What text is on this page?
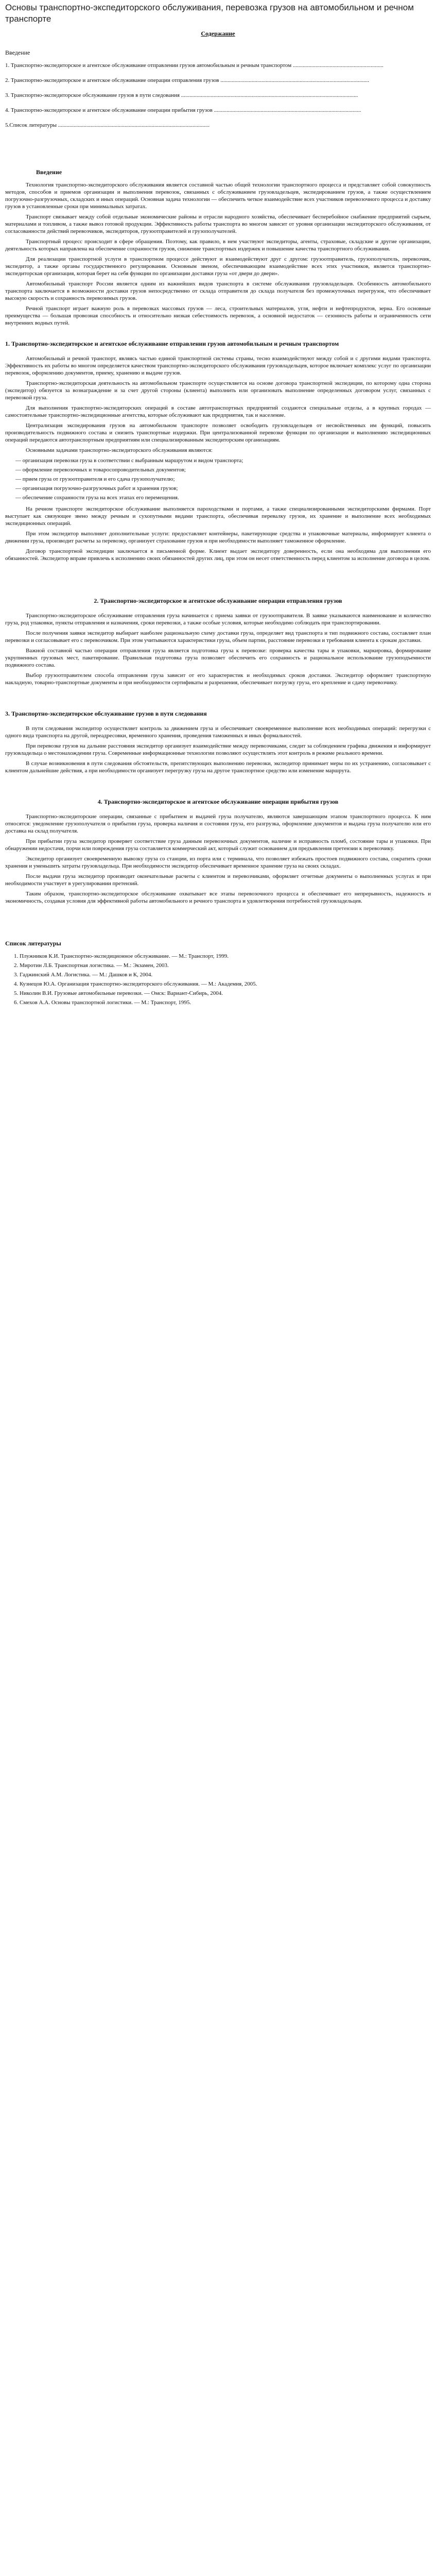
Основы транспортно-экспедиторского обслуживания, перевозка грузов на автомобильном и речном транспорте
Содержание
Введение
1. Транспортно-экспедиторское и агентское обслуживание отправлении грузов автомобильным и речным транспортом ................................................................
2. Транспортно-экспедиторское и агентское обслуживание операции отправления грузов .........................................................................................................
3. Транспортно-экспедиторское обслуживание грузов в пути следования .............................................................................................................................
4. Транспортно-экспедиторское и агентское обслуживание операции прибытия грузов ........................................................................................................
5.Список литературы ...........................................................................................................
Введение

Технология транспортно-экспедиторского обслуживания является составной частью общей технологии транспортного процесса и представляет собой совокупность методов, способов и приемов организации и выполнения перевозок, связанных с обслуживанием грузовладельцев, экспедированием грузов, а также осуществлением погрузочно-разгрузочных, складских и иных операций. Основная задача технологии — обеспечить четкое взаимодействие всех участников перевозочного процесса и доставку грузов в установленные сроки при минимальных затратах.

Транспорт связывает между собой отдельные экономические районы и отрасли народного хозяйства, обеспечивает бесперебойное снабжение предприятий сырьем, материалами и топливом, а также вывоз готовой продукции. Эффективность работы транспорта во многом зависит от уровня организации экспедиторского обслуживания, от согласованности действий перевозчиков, экспедиторов, грузоотправителей и грузополучателей.

Транспортный процесс происходит в сфере обращения. Поэтому, как правило, в нем участвуют экспедиторы, агенты, страховые, складские и другие организации, деятельность которых направлена на обеспечение сохранности грузов, снижение транспортных издержек и повышение качества транспортного обслуживания.

Для реализации транспортной услуги в транспортном процессе действуют и взаимодействуют друг с другом: грузоотправитель, грузополучатель, перевозчик, экспедитор, а также органы государственного регулирования. Основным звеном, обеспечивающим взаимодействие всех этих участников, является транспортно-экспедиторская организация, которая берет на себя функции по организации доставки груза «от двери до двери».

Автомобильный транспорт России является одним из важнейших видов транспорта в системе обслуживания грузовладельцев. Особенность автомобильного транспорта заключается в возможности доставки грузов непосредственно от склада отправителя до склада получателя без промежуточных перегрузок, что обеспечивает высокую скорость и сохранность перевозимых грузов.

Речной транспорт играет важную роль в перевозках массовых грузов — леса, строительных материалов, угля, нефти и нефтепродуктов, зерна. Его основные преимущества — большая провозная способность и относительно низкая себестоимость перевозок, а основной недостаток — сезонность работы и ограниченность сети внутренних водных путей.

1. Транспортно-экспедиторское и агентское обслуживание отправлении грузов автомобильным и речным транспортом

Автомобильный и речной транспорт, являясь частью единой транспортной системы страны, тесно взаимодействуют между собой и с другими видами транспорта. Эффективность их работы во многом определяется качеством транспортно-экспедиторского обслуживания грузовладельцев, которое включает комплекс услуг по организации перевозок, оформлению документов, приему, хранению и выдаче грузов.

Транспортно-экспедиторская деятельность на автомобильном транспорте осуществляется на основе договора транспортной экспедиции, по которому одна сторона (экспедитор) обязуется за вознаграждение и за счет другой стороны (клиента) выполнить или организовать выполнение определенных договором услуг, связанных с перевозкой груза.

Для выполнения транспортно-экспедиторских операций в составе автотранспортных предприятий создаются специальные отделы, а в крупных городах — самостоятельные транспортно-экспедиционные агентства, которые обслуживают как предприятия, так и население.

Централизация экспедирования грузов на автомобильном транспорте позволяет освободить грузовладельцев от несвойственных им функций, повысить производительность подвижного состава и снизить транспортные издержки. При централизованной перевозке функции по организации и выполнению экспедиционных операций передаются автотранспортным предприятиям или специализированным экспедиторским организациям.

Основными задачами транспортно-экспедиторского обслуживания являются:

— организация перевозки груза в соответствии с выбранным маршрутом и видом транспорта;
— оформление перевозочных и товаросопроводительных документов;
— прием груза от грузоотправителя и его сдача грузополучателю;
— организация погрузочно-разгрузочных работ и хранения грузов;
— обеспечение сохранности груза на всех этапах его перемещения.

На речном транспорте экспедиторское обслуживание выполняется пароходствами и портами, а также специализированными экспедиторскими фирмами. Порт выступает как связующее звено между речным и сухопутными видами транспорта, обеспечивая перевалку грузов, их хранение и выполнение всех необходимых экспедиционных операций.

При этом экспедитор выполняет дополнительные услуги: предоставляет контейнеры, пакетирующие средства и упаковочные материалы, информирует клиента о движении груза, производит расчеты за перевозку, организует страхование грузов и при необходимости выполняет таможенное оформление.

Договор транспортной экспедиции заключается в письменной форме. Клиент выдает экспедитору доверенность, если она необходима для выполнения его обязанностей. Экспедитор вправе привлечь к исполнению своих обязанностей других лиц, при этом он несет ответственность перед клиентом за исполнение договора в целом.

2. Транспортно-экспедиторское и агентское обслуживание операции отправления грузов

Транспортно-экспедиторское обслуживание отправления груза начинается с приема заявки от грузоотправителя. В заявке указываются наименование и количество груза, род упаковки, пункты отправления и назначения, сроки перевозки, а также особые условия, которые необходимо соблюдать при транспортировании.

После получения заявки экспедитор выбирает наиболее рациональную схему доставки груза, определяет вид транспорта и тип подвижного состава, составляет план перевозки и согласовывает его с перевозчиком. При этом учитываются характеристики груза, объем партии, расстояние перевозки и требования клиента к срокам доставки.

Важной составной частью операции отправления груза является подготовка груза к перевозке: проверка качества тары и упаковки, маркировка, формирование укрупненных грузовых мест, пакетирование. Правильная подготовка груза позволяет обеспечить его сохранность и рациональное использование грузоподъемности подвижного состава.

Выбор грузоотправителем способа отправления груза зависит от его характеристик и необходимых сроков доставки. Экспедитор оформляет транспортную накладную, товарно-транспортные документы и при необходимости сертификаты и разрешения, обеспечивает погрузку груза, его крепление и сдачу перевозчику.

3. Транспортно-экспедиторское обслуживание грузов в пути следования

В пути следования экспедитор осуществляет контроль за движением груза и обеспечивает своевременное выполнение всех необходимых операций: перегрузки с одного вида транспорта на другой, переадресовки, временного хранения, проведения таможенных и иных формальностей.

При перевозке грузов на дальние расстояния экспедитор организует взаимодействие между перевозчиками, следит за соблюдением графика движения и информирует грузовладельца о местонахождении груза. Современные информационные технологии позволяют осуществлять этот контроль в режиме реального времени.

В случае возникновения в пути следования обстоятельств, препятствующих выполнению перевозки, экспедитор принимает меры по их устранению, согласовывает с клиентом дальнейшие действия, а при необходимости организует перегрузку груза на другое транспортное средство или изменение маршрута.

4. Транспортно-экспедиторское и агентское обслуживание операции прибытия грузов

Транспортно-экспедиторские операции, связанные с прибытием и выдачей груза получателю, являются завершающим этапом транспортного процесса. К ним относятся: уведомление грузополучателя о прибытии груза, проверка наличия и состояния груза, его разгрузка, оформление документов и выдача груза получателю или его доставка на склад получателя.

При прибытии груза экспедитор проверяет соответствие груза данным перевозочных документов, наличие и исправность пломб, состояние тары и упаковки. При обнаружении недостачи, порчи или повреждения груза составляется коммерческий акт, который служит основанием для предъявления претензии к перевозчику.

Экспедитор организует своевременную вывозку груза со станции, из порта или с терминала, что позволяет избежать простоев подвижного состава, сократить сроки хранения и уменьшить затраты грузовладельца. При необходимости экспедитор обеспечивает временное хранение груза на своих складах.

После выдачи груза экспедитор производит окончательные расчеты с клиентом и перевозчиками, оформляет отчетные документы о выполненных услугах и при необходимости участвует в урегулировании претензий.

Таким образом, транспортно-экспедиторское обслуживание охватывает все этапы перевозочного процесса и обеспечивает его непрерывность, надежность и экономичность, создавая условия для эффективной работы автомобильного и речного транспорта и удовлетворения потребностей грузовладельцев.

Список литературы
1. Плужников К.И. Транспортно-экспедиционное обслуживание. — М.: Транспорт, 1999.
2. Миротин Л.Б. Транспортная логистика. — М.: Экзамен, 2003.
3. Гаджинский А.М. Логистика. — М.: Дашков и К, 2004.
4. Кузнецов Ю.А. Организация транспортно-экспедиторского обслуживания. — М.: Академия, 2005.
5. Николин В.И. Грузовые автомобильные перевозки. — Омск: Вариант-Сибирь, 2004.
6. Смехов А.А. Основы транспортной логистики. — М.: Транспорт, 1995.
